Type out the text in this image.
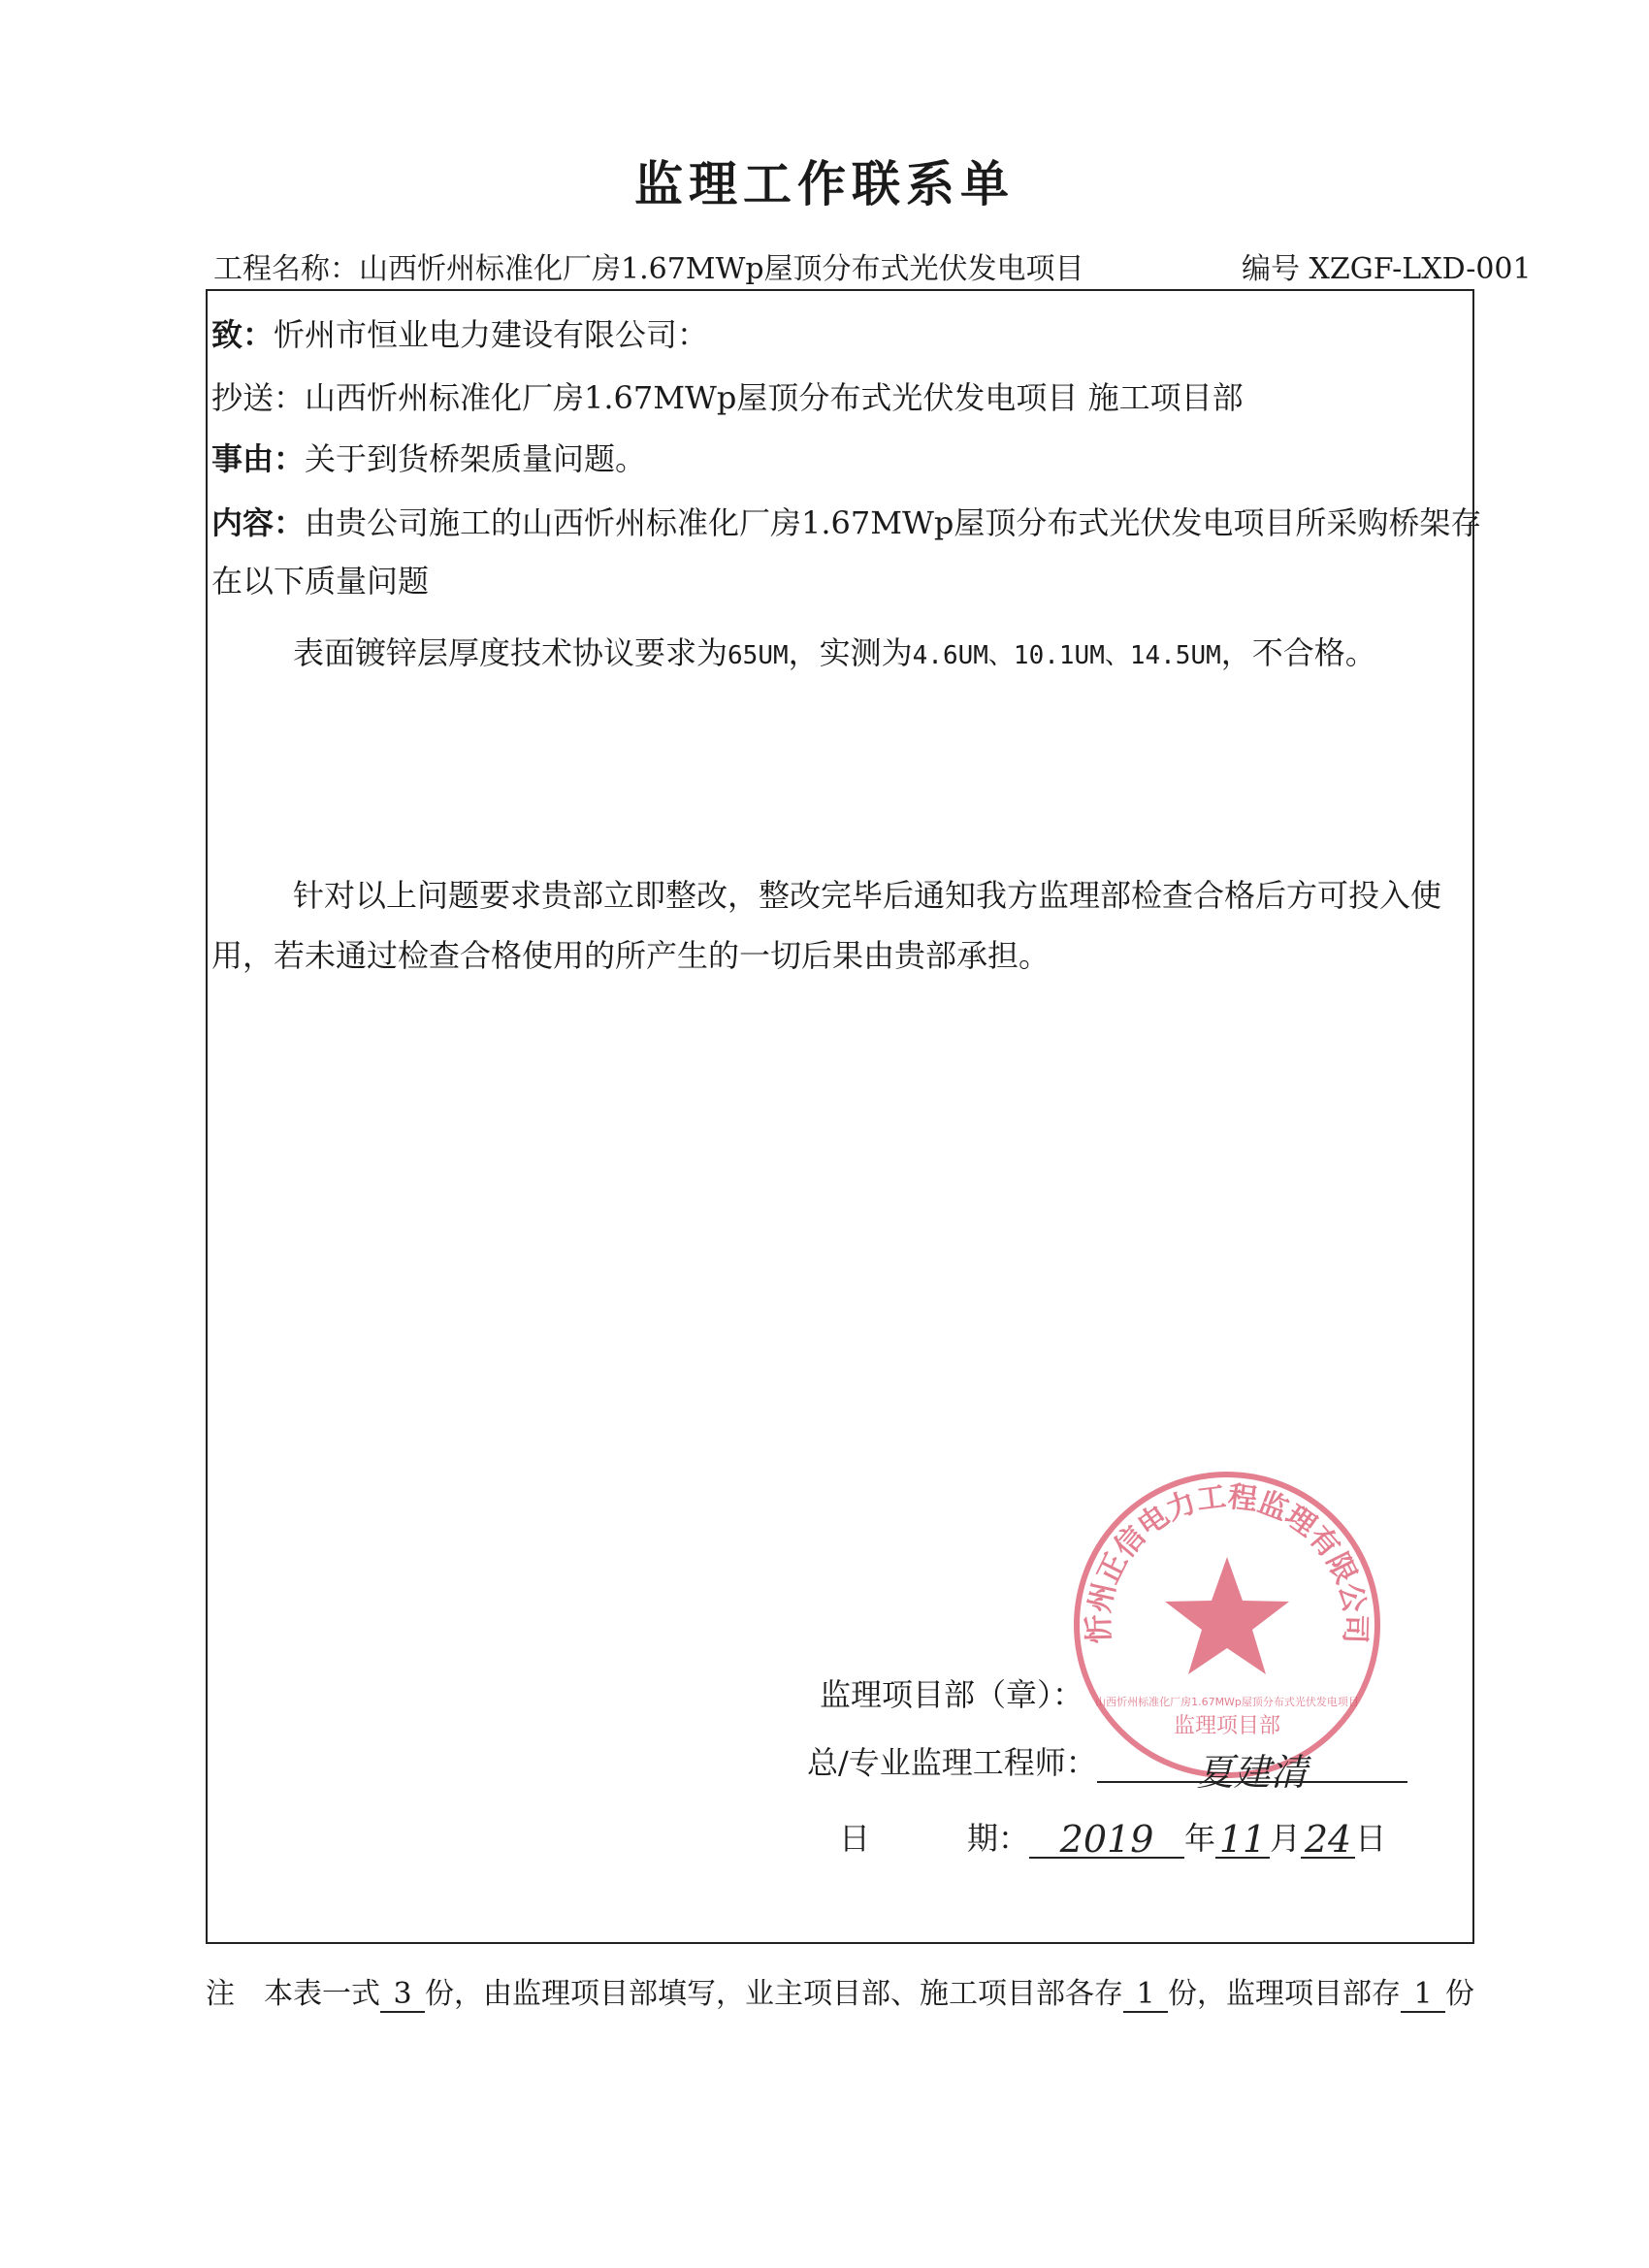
监理工作联系单
工程名称：山西忻州标准化厂房1.67MWp屋顶分布式光伏发电项目	编号 XZGF-LXD-001
致：忻州市恒业电力建设有限公司：
抄送：山西忻州标准化厂房1.67MWp屋顶分布式光伏发电项目 施工项目部
事由：关于到货桥架质量问题。
内容：由贵公司施工的山西忻州标准化厂房1.67MWp屋顶分布式光伏发电项目所采购桥架存
在以下质量问题
表面镀锌层厚度技术协议要求为65UM，实测为4.6UM、10.1UM、14.5UM，不合格。
针对以上问题要求贵部立即整改，整改完毕后通知我方监理部检查合格后方可投入使
用，若未通过检查合格使用的所产生的一切后果由贵部承担。
忻州正信电力工程监理有限公司
山西忻州标准化厂房1.67MWp屋顶分布式光伏发电项目
监理项目部
监理项目部（章）：
总/专业监理工程师：	夏建清
日	期： 2019 年 11 月 24 日
注　本表一式 3 份，由监理项目部填写，业主项目部、施工项目部各存 1 份，监理项目部存 1 份
